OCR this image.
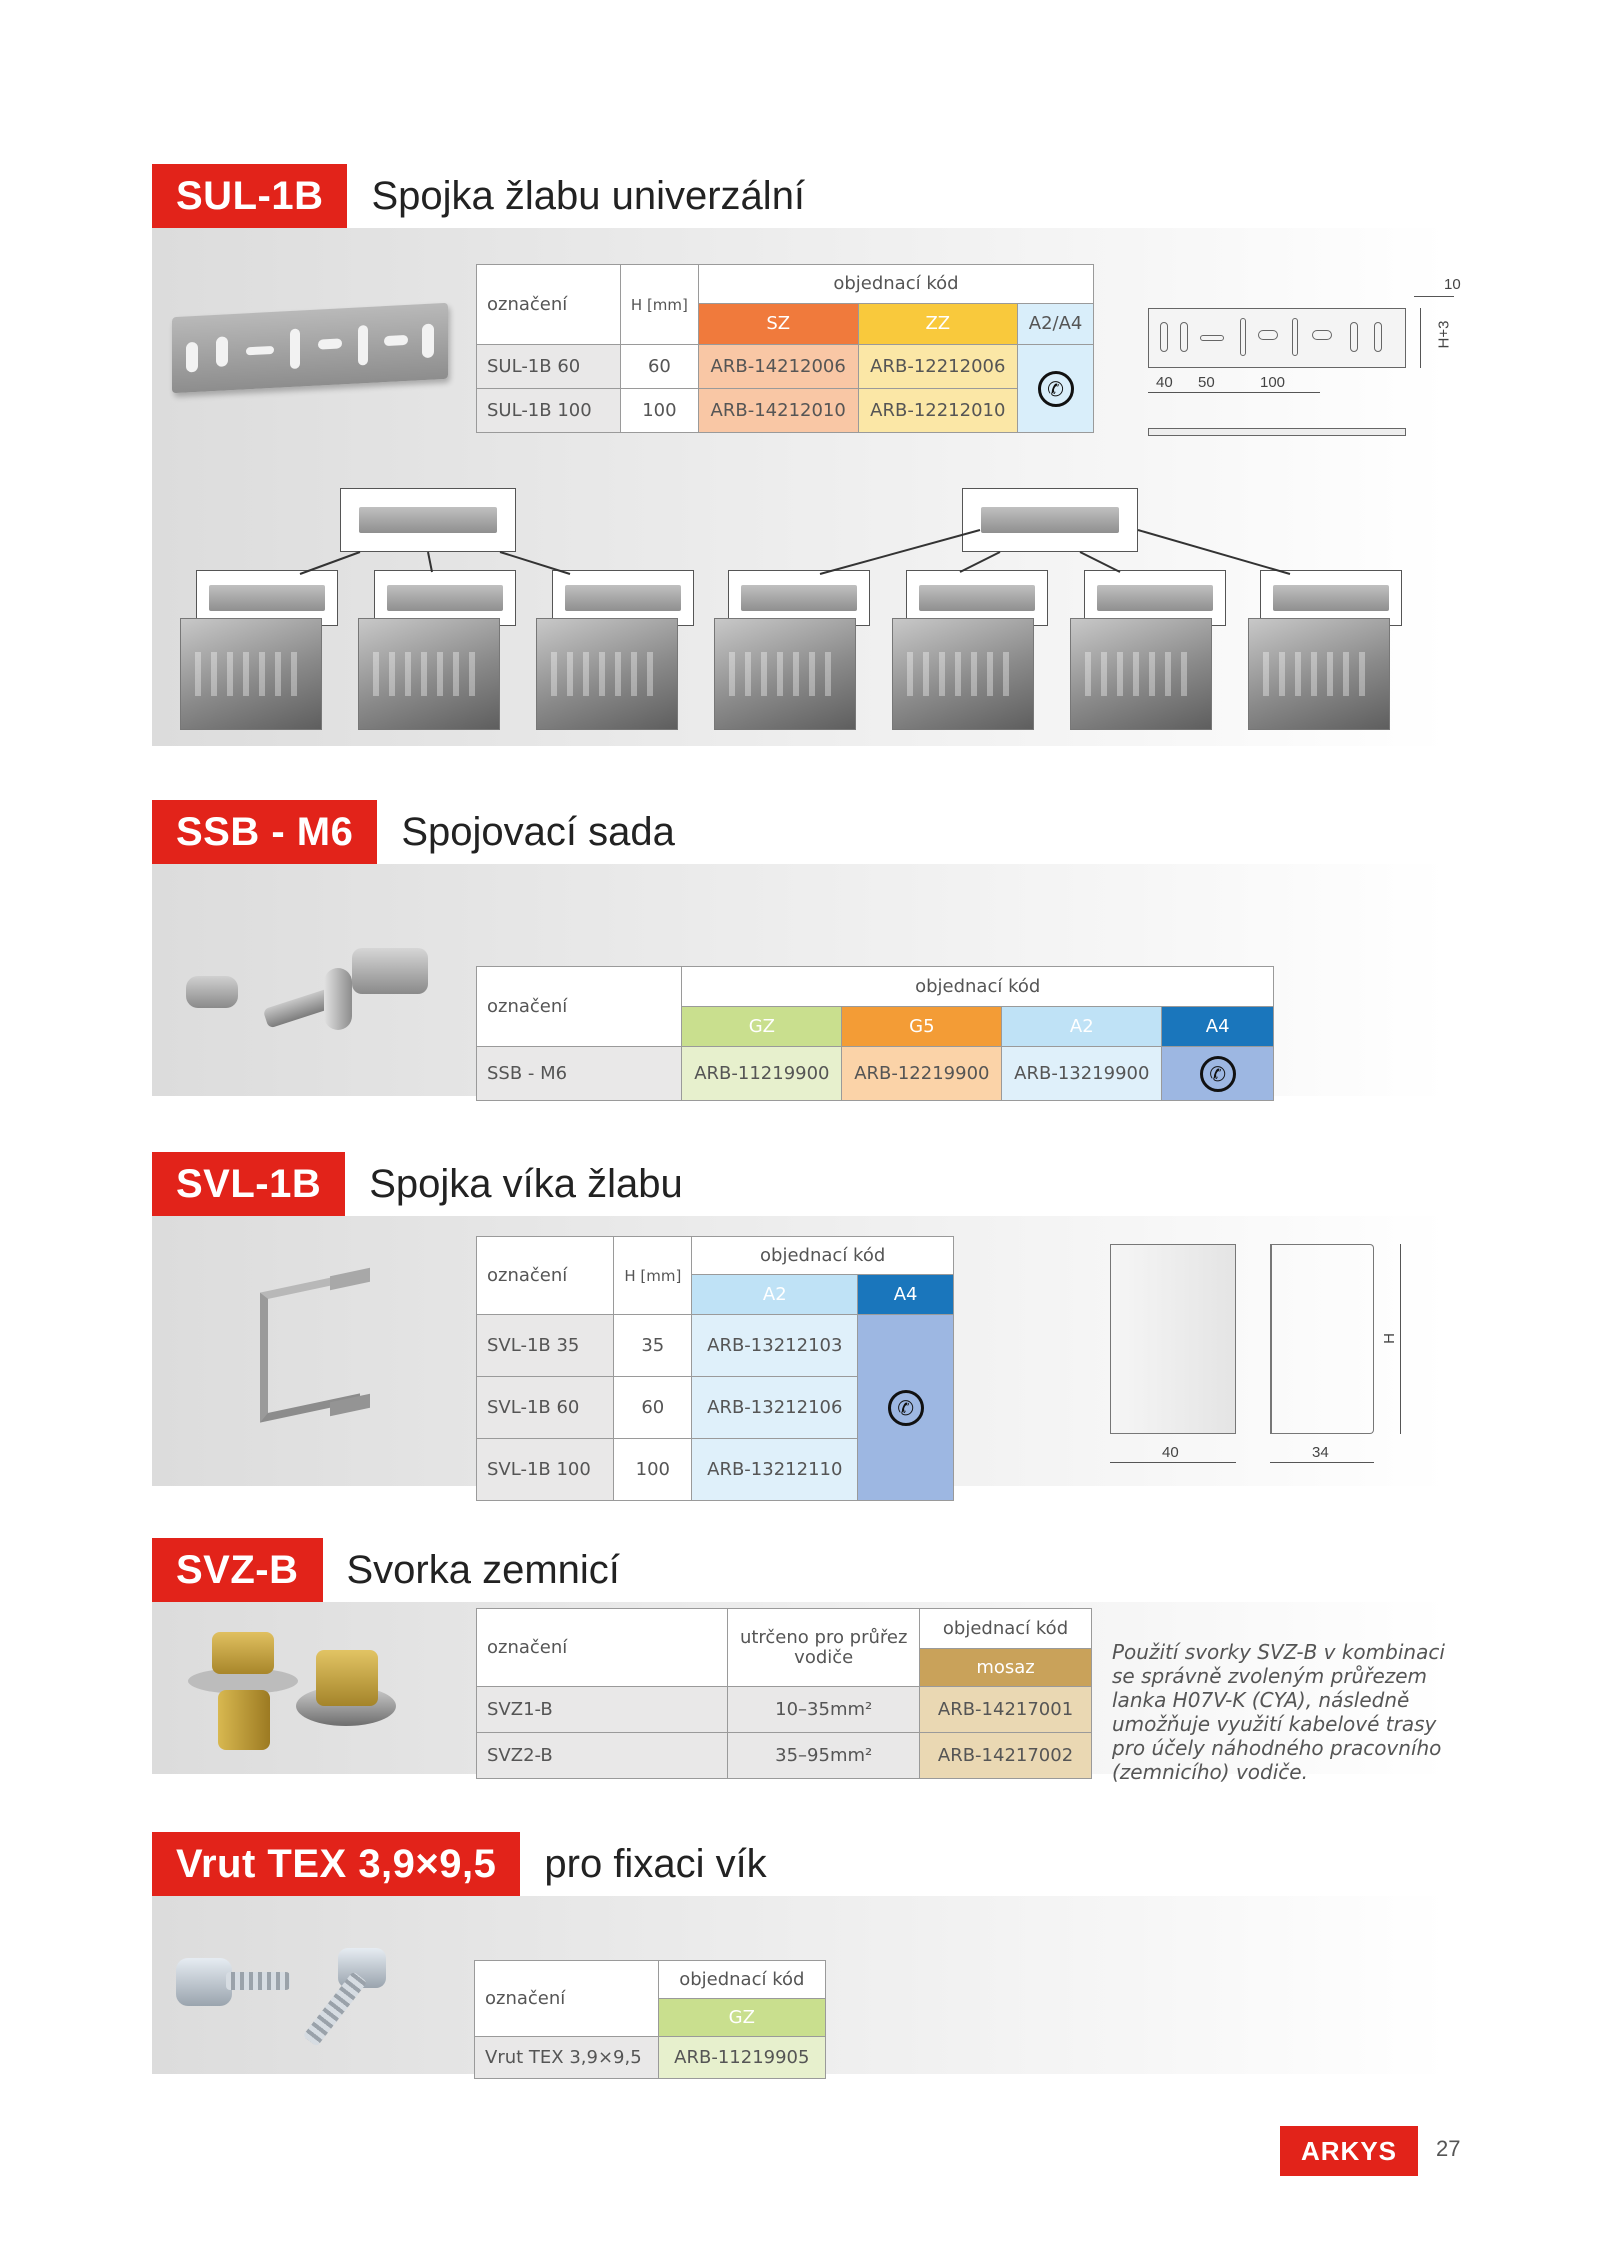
SUL-1B	Spojka žlabu univerzální
označení	H [mm]	objednací kód		
		SZ	ZZ	A2/A4
SUL-1B 60	60	ARB-14212006	ARB-12212006	✆
SUL-1B 100	100	ARB-14212010	ARB-12212010	
10
H+3
40 50	100
SSB - M6	Spojovací sada
označení	objednací kód			
	GZ	G5	A2	A4
SSB - M6	ARB-11219900	ARB-12219900	ARB-13219900	✆
SVL-1B	Spojka víka žlabu
označení	H [mm]	objednací kód	
		A2	A4
SVL-1B 35	35	ARB-13212103	✆
SVL-1B 60	60	ARB-13212106	
SVL-1B 100	100	ARB-13212110	
40	34
H
SVZ-B	Svorka zemnicí
označení	utrčeno pro průřez vodiče	objednací kód
		mosaz
SVZ1-B	10–35mm²	ARB-14217001
SVZ2-B	35–95mm²	ARB-14217002
Použití svorky SVZ-B v kombinaci se správně zvoleným průřezem lanka H07V-K (CYA), následně umožňuje využití kabelové trasy pro účely náhodného pracovního (zemnicího) vodiče.
Vrut TEX 3,9×9,5	pro fixaci vík
označení	objednací kód
	GZ
Vrut TEX 3,9×9,5	ARB-11219905
ARKYS	27
